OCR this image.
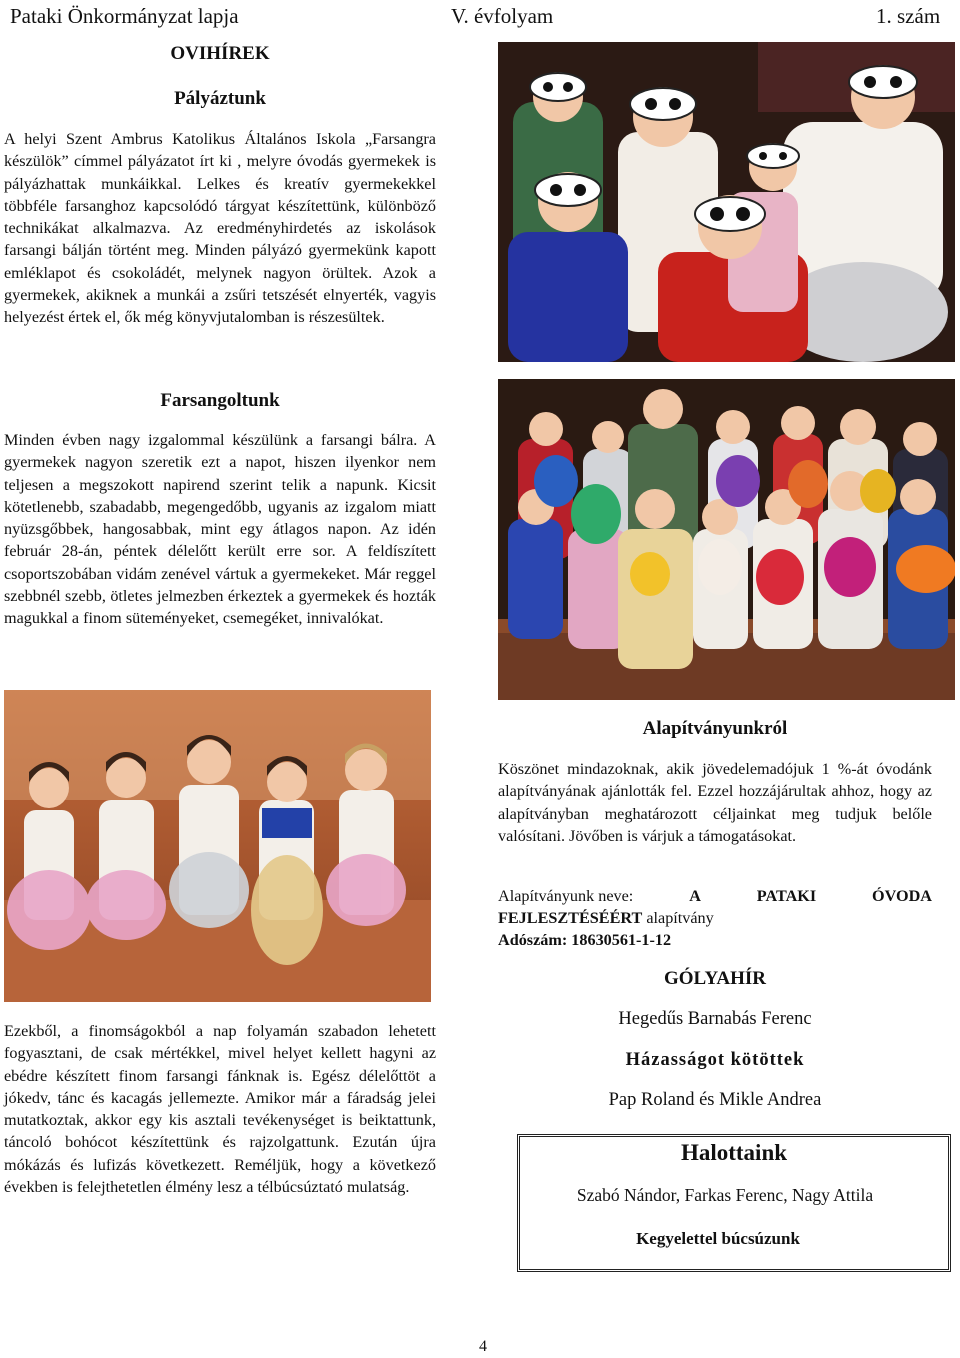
Pataki Önkormányzat lapja	V. évfolyam	1. szám
OVIHÍREK
Pályáztunk
A helyi Szent Ambrus Katolikus Általános Iskola „Farsangra készülök” címmel pályázatot írt ki , melyre óvodás gyermekek is pályázhattak munkáikkal. Lelkes és kreatív gyermekekkel többféle farsanghoz kapcsolódó tárgyat készítettünk, különböző technikákat alkalmazva. Az eredményhirdetés az iskolások farsangi bálján történt meg. Minden pályázó gyermekünk kapott emléklapot és csokoládét, melynek nagyon örültek. Azok a gyermekek, akiknek a munkái a zsűri tetszését elnyerték, vagyis helyezést értek el, ők még könyvjutalomban is részesültek.
Farsangoltunk
Minden évben nagy izgalommal készülünk a farsangi bálra. A gyermekek nagyon szeretik ezt a napot, hiszen ilyenkor nem teljesen a megszokott napirend szerint telik a napunk. Kicsit kötetlenebb, szabadabb, megengedőbb, ugyanis az izgalom miatt nyüzsgőbbek, hangosabbak, mint egy átlagos napon. Az idén február 28-án, péntek délelőtt került erre sor. A feldíszített csoportszobában vidám zenével vártuk a gyermekeket. Már reggel szebbnél szebb, ötletes jelmezben érkeztek a gyermekek és hozták magukkal a finom süteményeket, csemegéket, innivalókat.
Ezekből, a finomságokból a nap folyamán szabadon lehetett fogyasztani, de csak mértékkel, mivel helyet kellett hagyni az ebédre készített finom farsangi fánknak is. Egész délelőttöt a jókedv, tánc és kacagás jellemezte. Amikor már a fáradság jelei mutatkoztak, akkor egy kis asztali tevékenységet is beiktattunk, táncoló bohócot készítettünk és rajzolgattunk. Ezután újra mókázás és lufizás következett. Reméljük, hogy a következő években is felejthetetlen élmény lesz a télbúcsúztató mulatság.
Alapítványunkról
Köszönet mindazoknak, akik jövedelemadójuk 1 %-át óvodánk alapítványának ajánlották fel. Ezzel hozzájárultak ahhoz, hogy az alapítványban meghatározott céljainkat meg tudjuk belőle valósítani. Jövőben is várjuk a támogatásokat.
Alapítványunk neve:	A	PATAKI	ÓVODA
FEJLESZTÉSÉÉRT alapítvány
Adószám: 18630561-1-12
GÓLYAHÍR
Hegedűs Barnabás Ferenc
Házasságot kötöttek
Pap Roland és Mikle Andrea
Halottaink
Szabó Nándor, Farkas Ferenc, Nagy Attila
Kegyelettel búcsúzunk
4
